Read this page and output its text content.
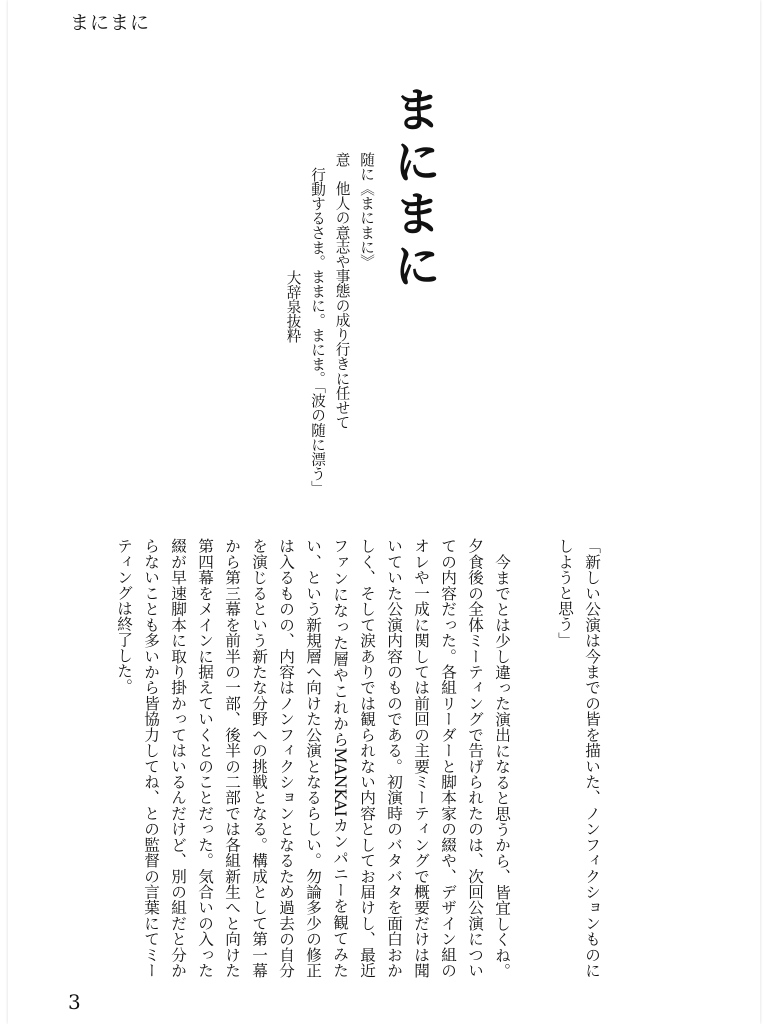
まにまに
まにまに
随に《まにまに》
意　他人の意志や事態の成り行きに任せて
行動するさま。ままに。まにま。「波の随に漂う」
大辞泉抜粋

「新しい公演は今までの皆を描いた、ノンフィクションものにしようと思う」

今までとは少し違った演出になると思うから、皆宜しくね。夕食後の全体ミーティングで告げられたのは、次回公演についての内容だった。各組リーダーと脚本家の綴や、デザイン組のオレや一成に関しては前回の主要ミーティングで概要だけは聞いていた公演内容のものである。初演時のバタバタを面白おかしく、そして涙ありでは観られない内容としてお届けし、最近ファンになった層やこれからMANKAIカンパニーを観てみたい、という新規層へ向けた公演となるらしい。勿論多少の修正は入るものの、内容はノンフィクションとなるため過去の自分を演じるという新たな分野への挑戦となる。構成として第一幕から第三幕を前半の一部、後半の二部では各組新生へと向けた第四幕をメインに据えていくとのことだった。気合いの入った綴が早速脚本に取り掛かってはいるんだけど、別の組だと分からないことも多いから皆協力してね、との監督の言葉にてミーティングは終了した。

3
